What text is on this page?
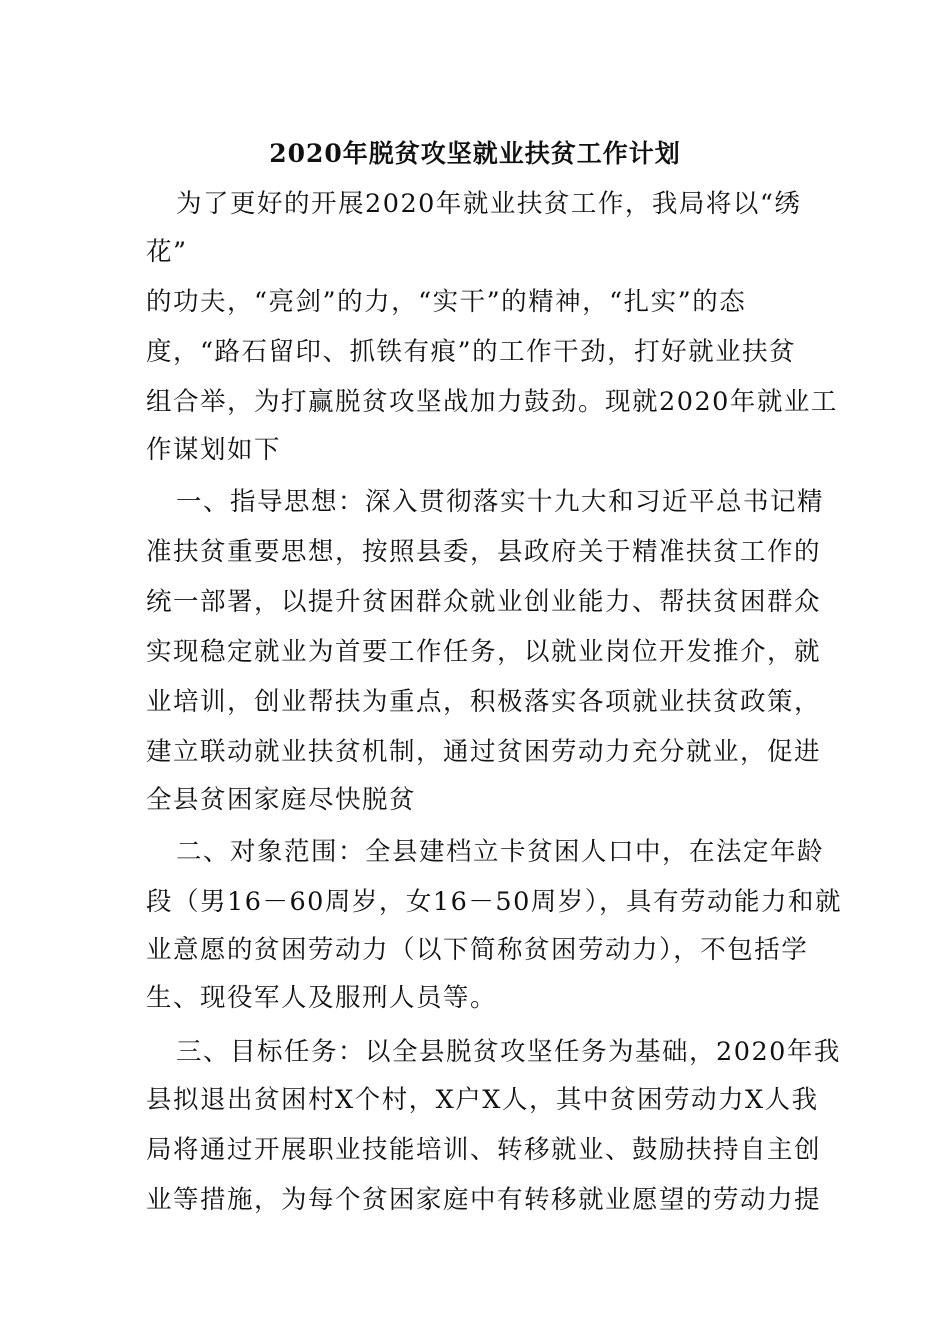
2020年脱贫攻坚就业扶贫工作计划
为了更好的开展2020年就业扶贫工作，我局将以“绣
花”
的功夫，“亮剑”的力，“实干”的精神，“扎实”的态
度，“路石留印、抓铁有痕”的工作干劲，打好就业扶贫
组合举，为打赢脱贫攻坚战加力鼓劲。现就2020年就业工
作谋划如下
一、指导思想：深入贯彻落实十九大和习近平总书记精
准扶贫重要思想，按照县委，县政府关于精准扶贫工作的
统一部署，以提升贫困群众就业创业能力、帮扶贫困群众
实现稳定就业为首要工作任务，以就业岗位开发推介，就
业培训，创业帮扶为重点，积极落实各项就业扶贫政策，
建立联动就业扶贫机制，通过贫困劳动力充分就业，促进
全县贫困家庭尽快脱贫
二、对象范围：全县建档立卡贫困人口中，在法定年龄
段（男16－60周岁，女16－50周岁），具有劳动能力和就
业意愿的贫困劳动力（以下简称贫困劳动力），不包括学
生、现役军人及服刑人员等。
三、目标任务：以全县脱贫攻坚任务为基础，2020年我
县拟退出贫困村X个村，X户X人，其中贫困劳动力X人我
局将通过开展职业技能培训、转移就业、鼓励扶持自主创
业等措施，为每个贫困家庭中有转移就业愿望的劳动力提
